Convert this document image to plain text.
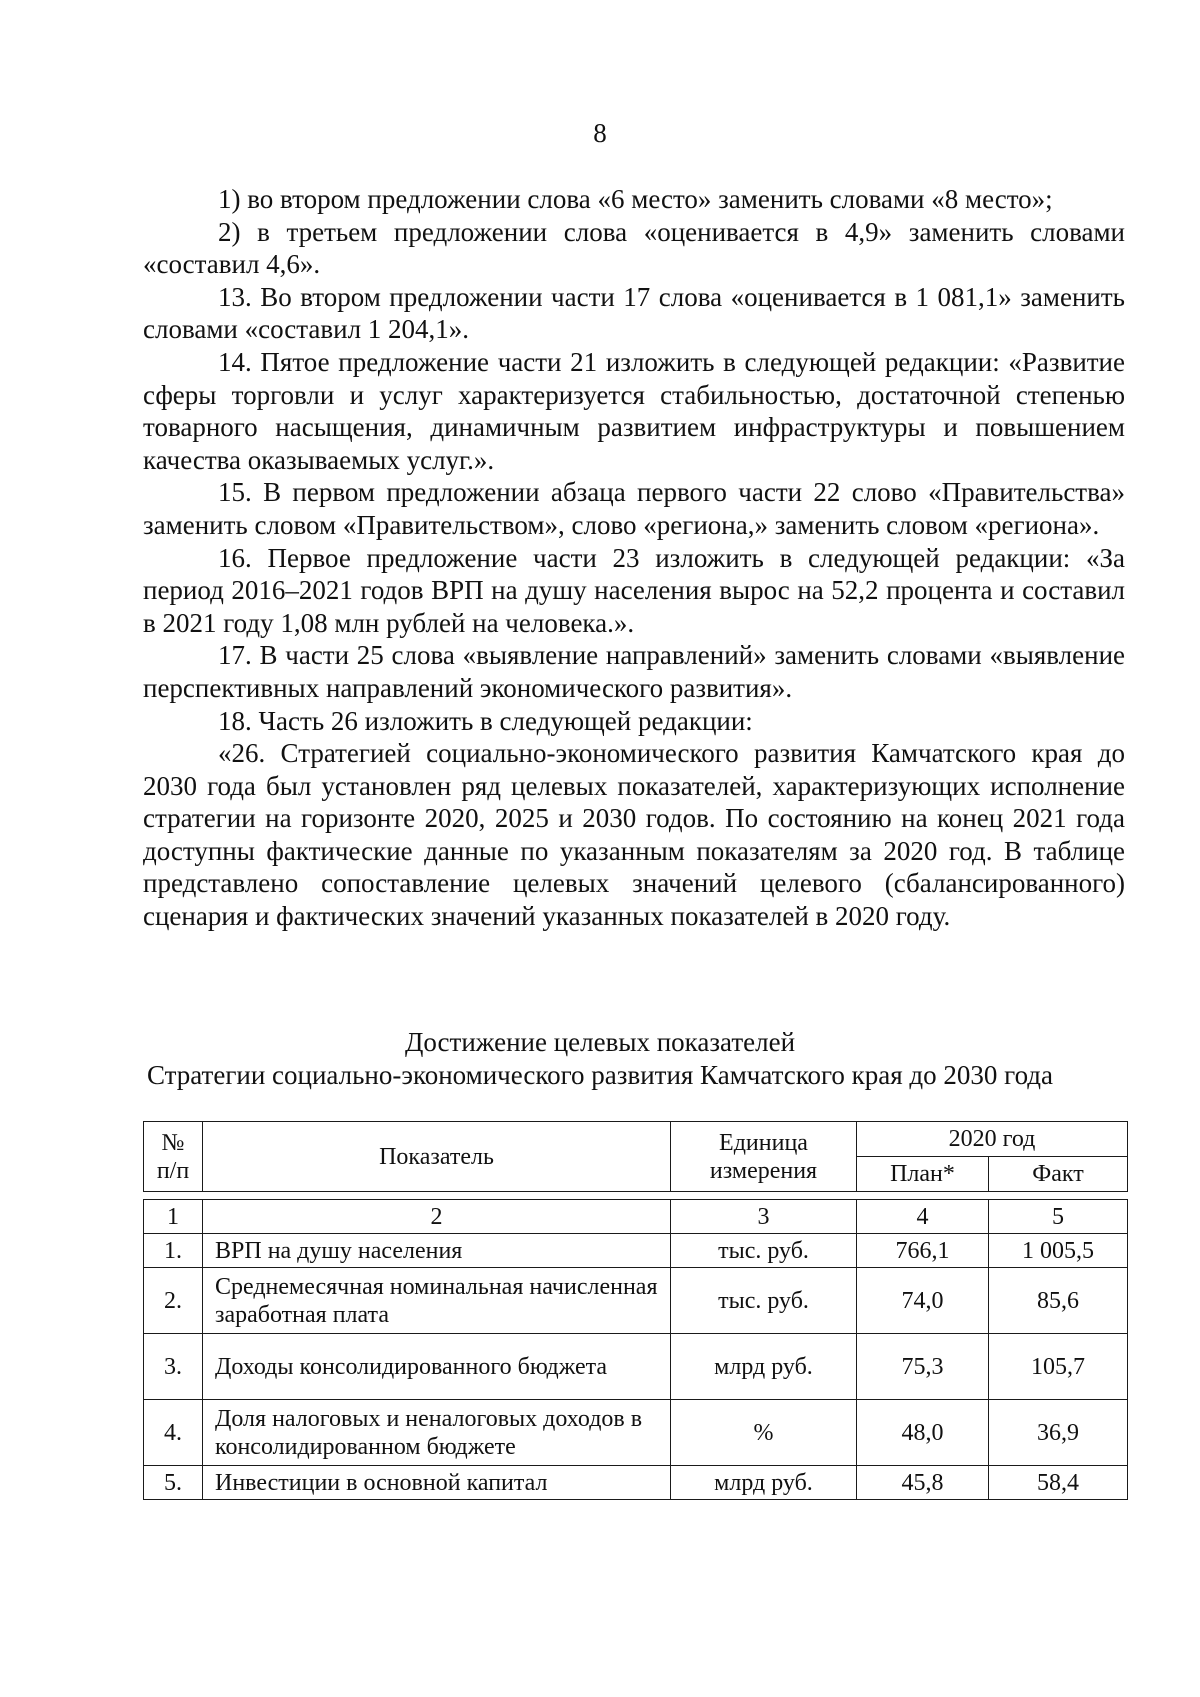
8

1) во втором предложении слова «6 место» заменить словами «8 место»;

2) в третьем предложении слова «оценивается в 4,9» заменить словами «составил 4,6».

13. Во втором предложении части 17 слова «оценивается в 1 081,1» заменить словами «составил 1 204,1».

14. Пятое предложение части 21 изложить в следующей редакции: «Развитие сферы торговли и услуг характеризуется стабильностью, достаточной степенью товарного насыщения, динамичным развитием инфраструктуры и повышением качества оказываемых услуг.».

15. В первом предложении абзаца первого части 22 слово «Правительства» заменить словом «Правительством», слово «региона,» заменить словом «региона».

16. Первое предложение части 23 изложить в следующей редакции: «За период 2016–2021 годов ВРП на душу населения вырос на 52,2 процента и составил в 2021 году 1,08 млн рублей на человека.».

17. В части 25 слова «выявление направлений» заменить словами «выявление перспективных направлений экономического развития».

18. Часть 26 изложить в следующей редакции:

«26. Стратегией социально-экономического развития Камчатского края до 2030 года был установлен ряд целевых показателей, характеризующих исполнение стратегии на горизонте 2020, 2025 и 2030 годов. По состоянию на конец 2021 года доступны фактические данные по указанным показателям за 2020 год. В таблице представлено сопоставление целевых значений целевого (сбалансированного) сценария и фактических значений указанных показателей в 2020 году.

Достижение целевых показателей
Стратегии социально-экономического развития Камчатского края до 2030 года
№ п/п	Показатель	Единица измерения	2020 год	
			План*	Факт
1	2	3	4	5
1.	ВРП на душу населения	тыс. руб.	766,1	1 005,5
2.	Среднемесячная номинальная начисленная заработная плата	тыс. руб.	74,0	85,6
3.	Доходы консолидированного бюджета	млрд руб.	75,3	105,7
4.	Доля налоговых и неналоговых доходов в консолидированном бюджете	%	48,0	36,9
5.	Инвестиции в основной капитал	млрд руб.	45,8	58,4
